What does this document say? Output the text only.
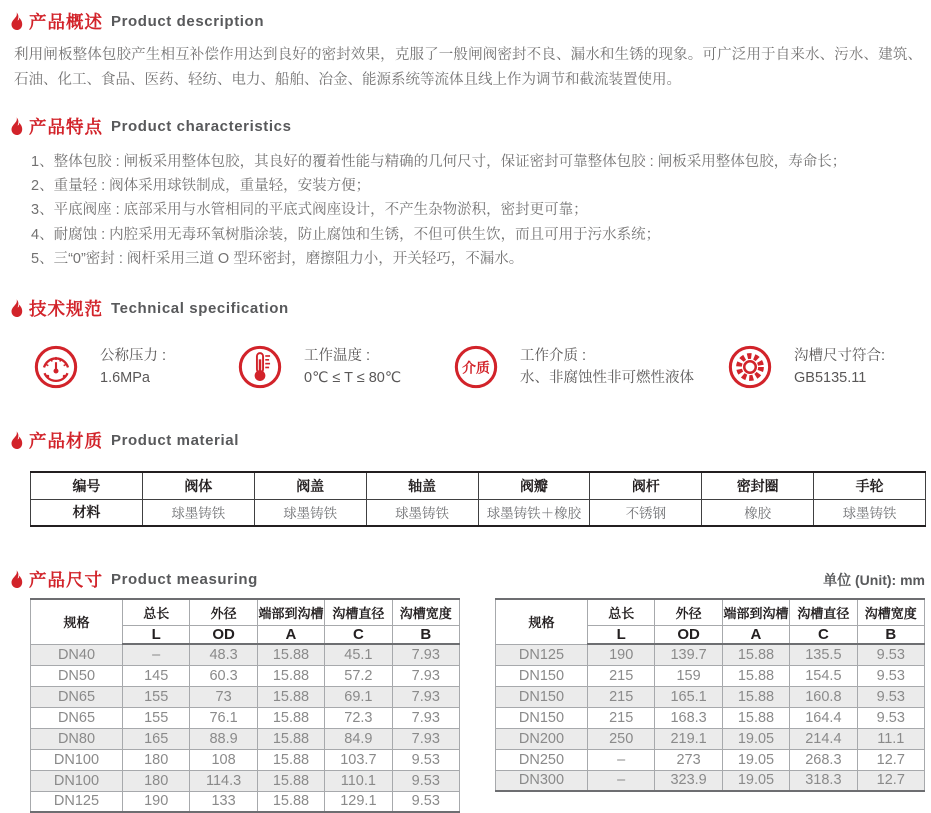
产品概述 Product description
利用闸板整体包胶产生相互补偿作用达到良好的密封效果，克服了一般闸阀密封不良、漏水和生锈的现象。可广泛用于自来水、污水、建筑、石油、化工、食品、医药、轻纺、电力、船舶、冶金、能源系统等流体且线上作为调节和截流装置使用。
产品特点 Product characteristics
1、整体包胶 : 闸板采用整体包胶，其良好的覆着性能与精确的几何尺寸，保证密封可靠整体包胶 : 闸板采用整体包胶，寿命长；
2、重量轻 : 阀体采用球铁制成，重量轻，安装方便；
3、平底阀座 : 底部采用与水管相同的平底式阀座设计，不产生杂物淤积，密封更可靠；
4、耐腐蚀 : 内腔采用无毒环氧树脂涂装，防止腐蚀和生锈，不但可供生饮，而且可用于污水系统；
5、三“0”密封 : 阀杆采用三道 O 型环密封，磨擦阻力小，开关轻巧，不漏水。
技术规范 Technical specification
公称压力 :
1.6MPa
工作温度 :
0℃ ≤ T ≤ 80℃
介质
工作介质 :
水、非腐蚀性非可燃性液体
沟槽尺寸符合:
GB5135.11
产品材质 Product material
编号	阀体	阀盖	轴盖	阀瓣	阀杆	密封圈	手轮
材料	球墨铸铁	球墨铸铁	球墨铸铁	球墨铸铁＋橡胶	不锈钢	橡胶	球墨铸铁
产品尺寸 Product measuring	单位 (Unit): mm
规格	总长	外径	端部到沟槽	沟槽直径	沟槽宽度
	L	OD	A	C	B
DN40	–	48.3	15.88	45.1	7.93
DN50	145	60.3	15.88	57.2	7.93
DN65	155	73	15.88	69.1	7.93
DN65	155	76.1	15.88	72.3	7.93
DN80	165	88.9	15.88	84.9	7.93
DN100	180	108	15.88	103.7	9.53
DN100	180	114.3	15.88	110.1	9.53
DN125	190	133	15.88	129.1	9.53
规格	总长	外径	端部到沟槽	沟槽直径	沟槽宽度
	L	OD	A	C	B
DN125	190	139.7	15.88	135.5	9.53
DN150	215	159	15.88	154.5	9.53
DN150	215	165.1	15.88	160.8	9.53
DN150	215	168.3	15.88	164.4	9.53
DN200	250	219.1	19.05	214.4	11.1
DN250	–	273	19.05	268.3	12.7
DN300	–	323.9	19.05	318.3	12.7
